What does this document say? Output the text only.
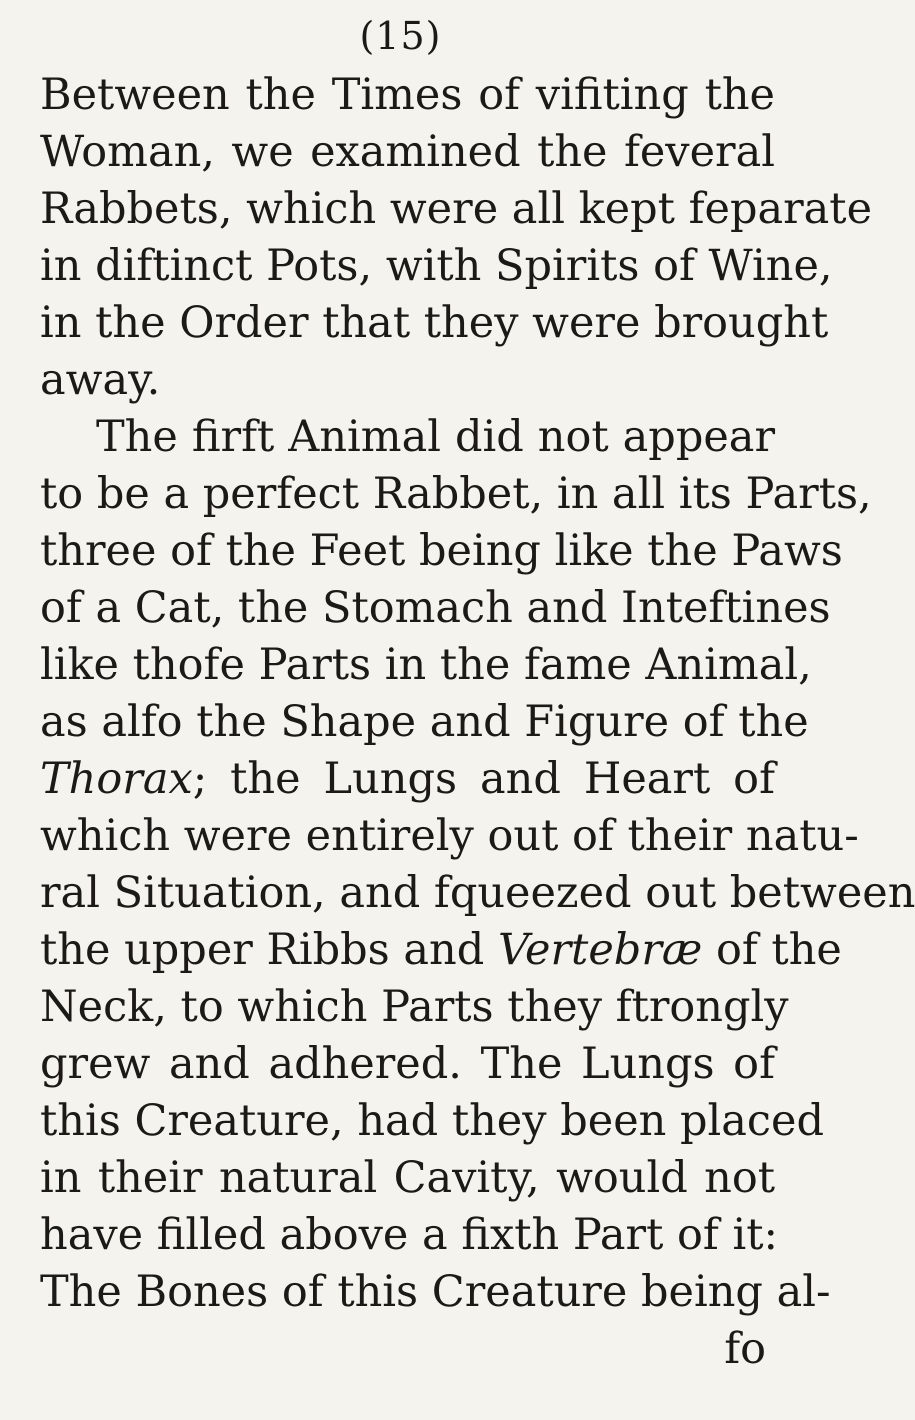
(15)
Between the Times of vifiting the
Woman, we examined the feveral
Rabbets, which were all kept feparate
in diftinct Pots, with Spirits of Wine,
in the Order that they were brought
away.
The firft Animal did not appear
to be a perfect Rabbet, in all its Parts,
three of the Feet being like the Paws
of a Cat, the Stomach and Inteftines
like thofe Parts in the fame Animal,
as alfo the Shape and Figure of the
Thorax; the Lungs and Heart of
which were entirely out of their natu-
ral Situation, and fqueezed out between
the upper Ribbs and Vertebræ of the
Neck, to which Parts they ftrongly
grew and adhered. The Lungs of
this Creature, had they been placed
in their natural Cavity, would not
have filled above a fixth Part of it:
The Bones of this Creature being al-
fo
